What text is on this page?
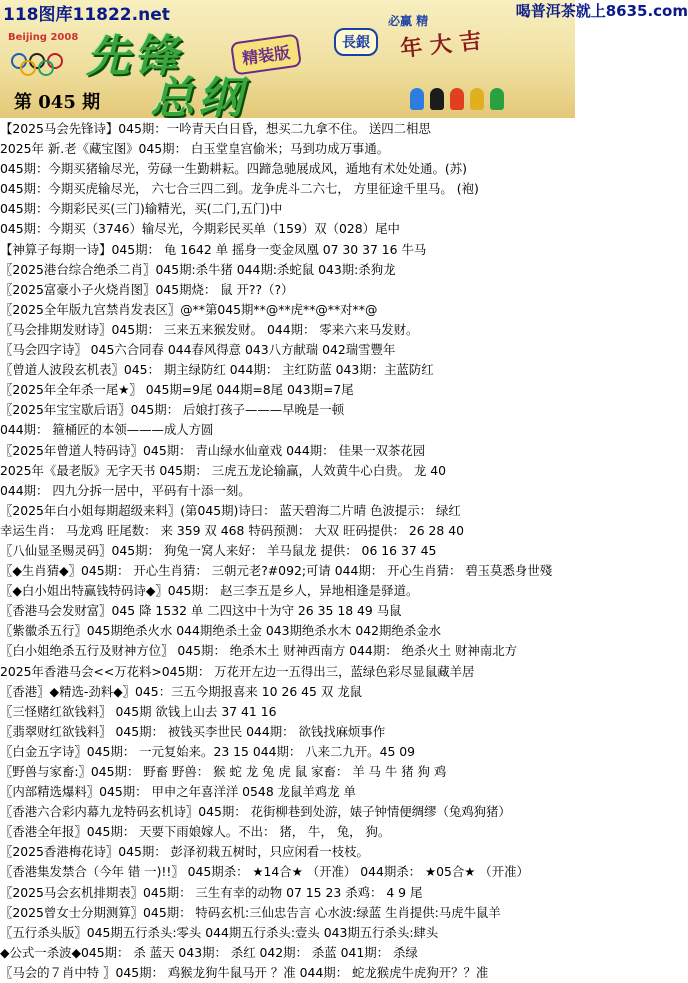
118图库11822.net
Beijing 2008 先锋	精装版
总纲
第 045 期
必赢 精
長銀	年 大 吉
喝普洱茶就上8635.com
【2025马会先锋诗】045期：一吟青天白日昏，想买二九拿不住。 送四二相思
2025年 新.老《藏宝图》045期： 白玉堂皇宫偷米；马到功成万事通。
045期：今期买猪输尽光，劳碌一生勤耕耘。四蹄急驰展成风，遁地有术处处通。(苏)
045期：今期买虎输尽光， 六七合三四二到。龙争虎斗二六七， 方里征途千里马。 (袍)
045期：今期彩民买(三门)输精光，买(二门,五门)中
045期：今期买（3746）输尽光，今期彩民买单（159）双（028）尾中
【神算子每期一诗】045期： 龟 1642 单 摇身一变金凤凰 07 30 37 16 牛马
〖2025港台综合绝杀二肖〗045期:杀牛猪 044期:杀蛇鼠 043期:杀狗龙
〖2025富豪小子火烧肖图〗045期烧： 鼠 开??（?）
〖2025全年版九宫禁肖发表区〗@**第045期**@**虎**@**对**@
〖马会排期发财诗〗045期： 三来五来猴发财。 044期： 零来六来马发财。
〖马会四字诗〗 045六合同春 044春风得意 043八方献瑞 042瑞雪豐年
〖曾道人波段玄机表〗045： 期主绿防红 044期： 主红防蓝 043期：主蓝防红
〖2025年全年杀一尾★〗 045期=9尾 044期=8尾 043期=7尾
〖2025年宝宝歇后语〗045期： 后娘打孩子———早晚是一顿
044期： 箍桶匠的本领———成人方圆
〖2025年曾道人特码诗〗045期： 青山绿水仙童戏 044期： 佳果一双茶花园
2025年《最老版》无字天书 045期： 三虎五龙论输赢，人效黄牛心白贵。 龙 40
044期： 四九分拆一居中，平码有十添一刻。
〖2025年白小姐每期超级来料〗(第045期)诗曰： 蓝天碧海二片晴 色波提示： 绿红
幸运生肖： 马龙鸡 旺尾数： 来 359 双 468 特码预测： 大双 旺码提供： 26 28 40
〖八仙显圣赐灵码〗045期： 狗兔一窝人来好： 羊马鼠龙 提供： 06 16 37 45
〖◆生肖猜◆〗045期： 开心生肖猜： 三朝元老?#092;可请 044期： 开心生肖猜： 碧玉莫悉身世殘
〖◆白小姐出特赢钱特码诗◆〗045期： 赵三李五是乡人，异地相逢是驿道。
〖香港马会发财富〗045 降 1532 单 二四这中十为守 26 35 18 49 马鼠
〖紫徽杀五行〗045期绝杀火水 044期绝杀土金 043期绝杀水木 042期绝杀金水
〖白小姐绝杀五行及财神方位〗 045期： 绝杀木土 财神西南方 044期： 绝杀火土 财神南北方
2025年香港马会<<万花料>045期： 万花开左边一五得出三，蓝绿色彩尽显鼠藏羊居
〖香港〗◆精选-劲料◆〗045：三五今期报喜来 10 26 45 双 龙鼠
〖三怪赌红欲钱料〗 045期 欲钱上山去 37 41 16
〖翡翠财红欲钱料〗 045期： 被钱买李世民 044期： 欲钱找麻烦事作
〖白金五字诗〗045期： 一元复始来。23 15 044期： 八来二九开。45 09
〖野兽与家畜:〗045期： 野畜 野兽： 猴 蛇 龙 兔 虎 鼠 家畜： 羊 马 牛 猪 狗 鸡
〖内部精选爆料〗045期： 甲申之年喜洋洋 0548 龙鼠羊鸡龙 单
〖香港六合彩内幕九龙特码玄机诗〗045期： 花街柳巷到处游，婊子钟情便绸缪（兔鸡狗猪）
〖香港全年报〗045期： 天要下雨娘嫁人。不出： 猪， 牛， 兔， 狗。
〖2025香港梅花诗〗045期： 彭泽初栽五树时，只应闲看一枝枝。
〖香港集发禁合（今年 错 一)!!〗 045期杀： ★14合★ （开准） 044期杀： ★05合★ （开准）
〖2025马会玄机排期表〗045期： 三生有幸的动物 07 15 23 杀鸡： 4 9 尾
〖2025曾女士分期测算〗045期： 特码玄机:三仙忠告言 心水波:绿蓝 生肖提供:马虎牛鼠羊
〖五行杀头版〗045期五行杀头:零头 044期五行杀头:壹头 043期五行杀头:肆头
◆公式一杀波◆045期： 杀 蓝天 043期： 杀红 042期： 杀蓝 041期： 杀绿
〖马会的７肖中特 〗045期： 鸡猴龙狗牛鼠马开 ？准 044期： 蛇龙猴虎牛虎狗开？？准
